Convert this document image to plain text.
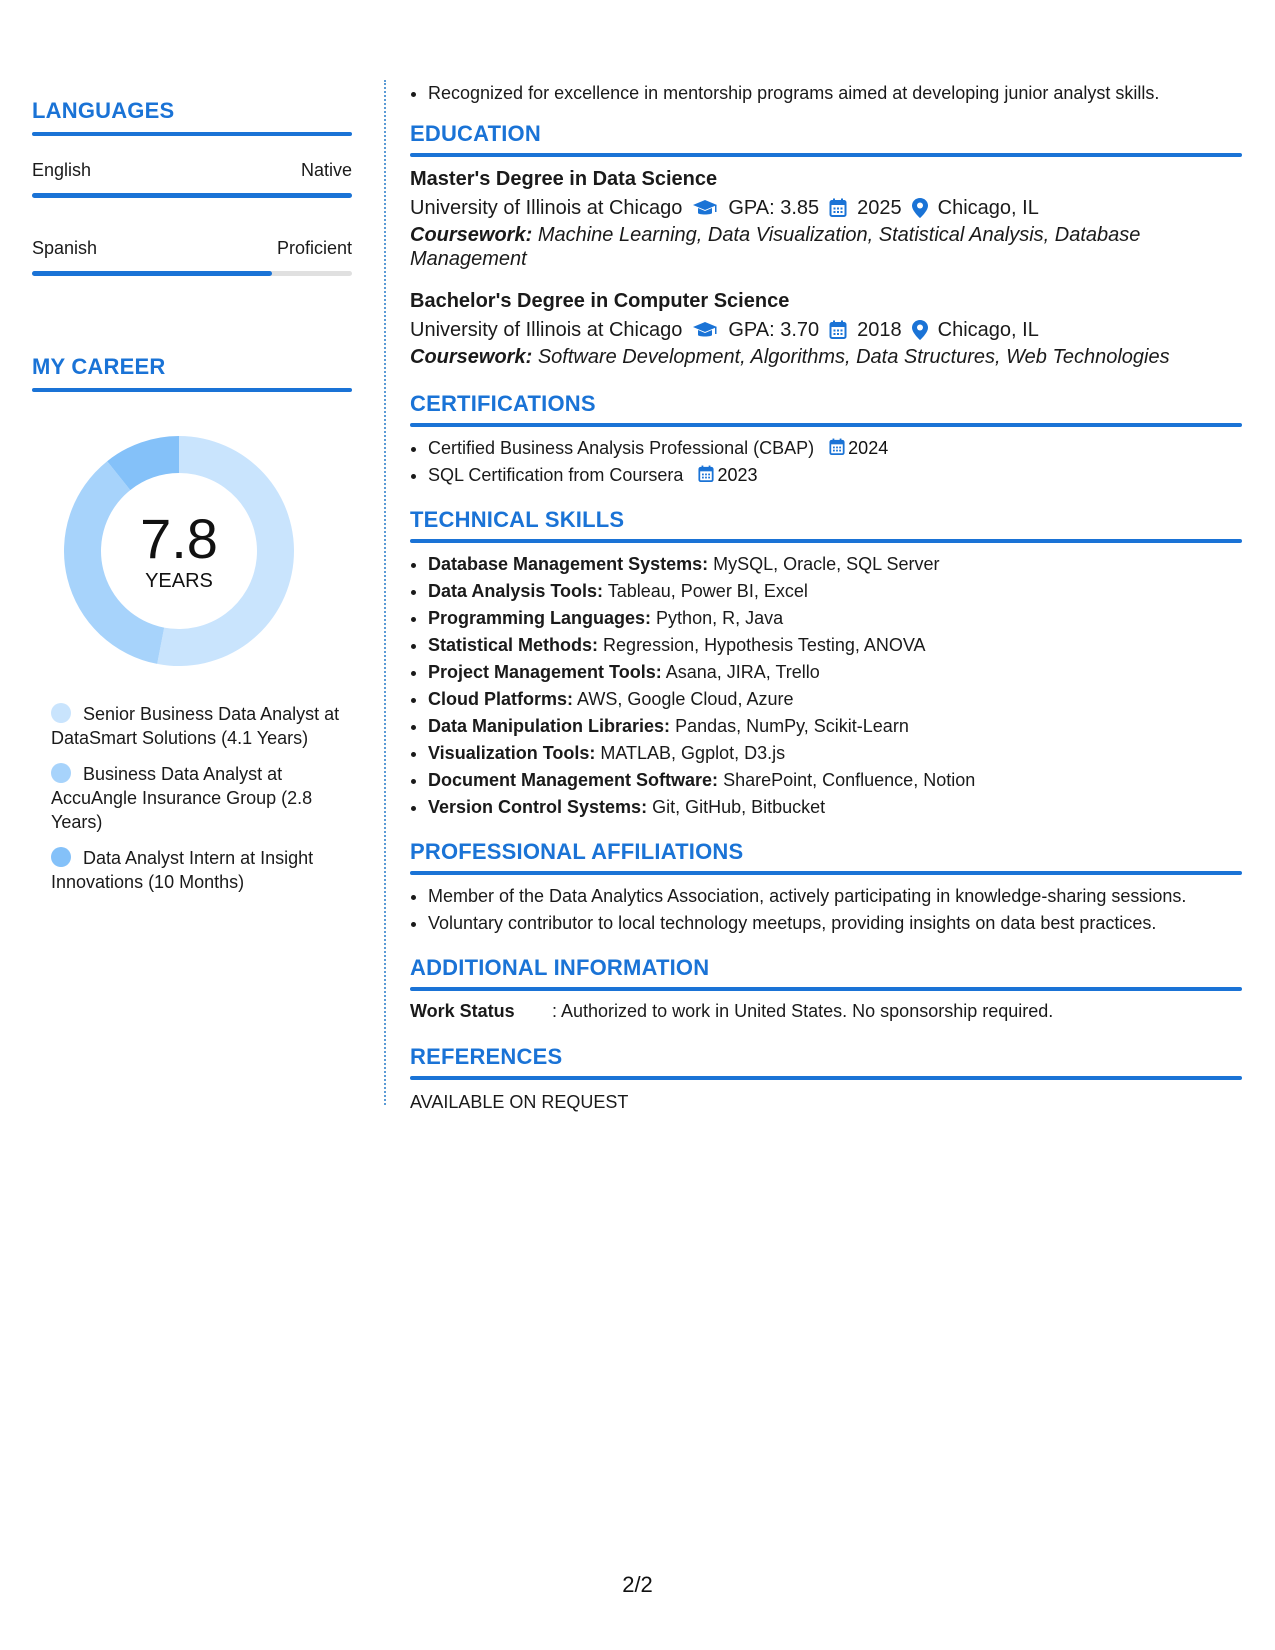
LANGUAGES
English	Native
Spanish	Proficient
MY CAREER
7.8
YEARS
Senior Business Data Analyst at DataSmart Solutions (4.1 Years)
Business Data Analyst at AccuAngle Insurance Group (2.8 Years)
Data Analyst Intern at Insight Innovations (10 Months)
• Recognized for excellence in mentorship programs aimed at developing junior analyst skills.
EDUCATION
Master's Degree in Data Science
University of Illinois at Chicago GPA: 3.85 2025 Chicago, IL
Coursework: Machine Learning, Data Visualization, Statistical Analysis, Database Management
Bachelor's Degree in Computer Science
University of Illinois at Chicago GPA: 3.70 2018 Chicago, IL
Coursework: Software Development, Algorithms, Data Structures, Web Technologies
CERTIFICATIONS
• Certified Business Analysis Professional (CBAP) 2024
• SQL Certification from Coursera 2023
TECHNICAL SKILLS
• Database Management Systems: MySQL, Oracle, SQL Server
• Data Analysis Tools: Tableau, Power BI, Excel
• Programming Languages: Python, R, Java
• Statistical Methods: Regression, Hypothesis Testing, ANOVA
• Project Management Tools: Asana, JIRA, Trello
• Cloud Platforms: AWS, Google Cloud, Azure
• Data Manipulation Libraries: Pandas, NumPy, Scikit-Learn
• Visualization Tools: MATLAB, Ggplot, D3.js
• Document Management Software: SharePoint, Confluence, Notion
• Version Control Systems: Git, GitHub, Bitbucket
PROFESSIONAL AFFILIATIONS
• Member of the Data Analytics Association, actively participating in knowledge-sharing sessions.
• Voluntary contributor to local technology meetups, providing insights on data best practices.
ADDITIONAL INFORMATION
Work Status	: Authorized to work in United States. No sponsorship required.
REFERENCES
AVAILABLE ON REQUEST
2/2
